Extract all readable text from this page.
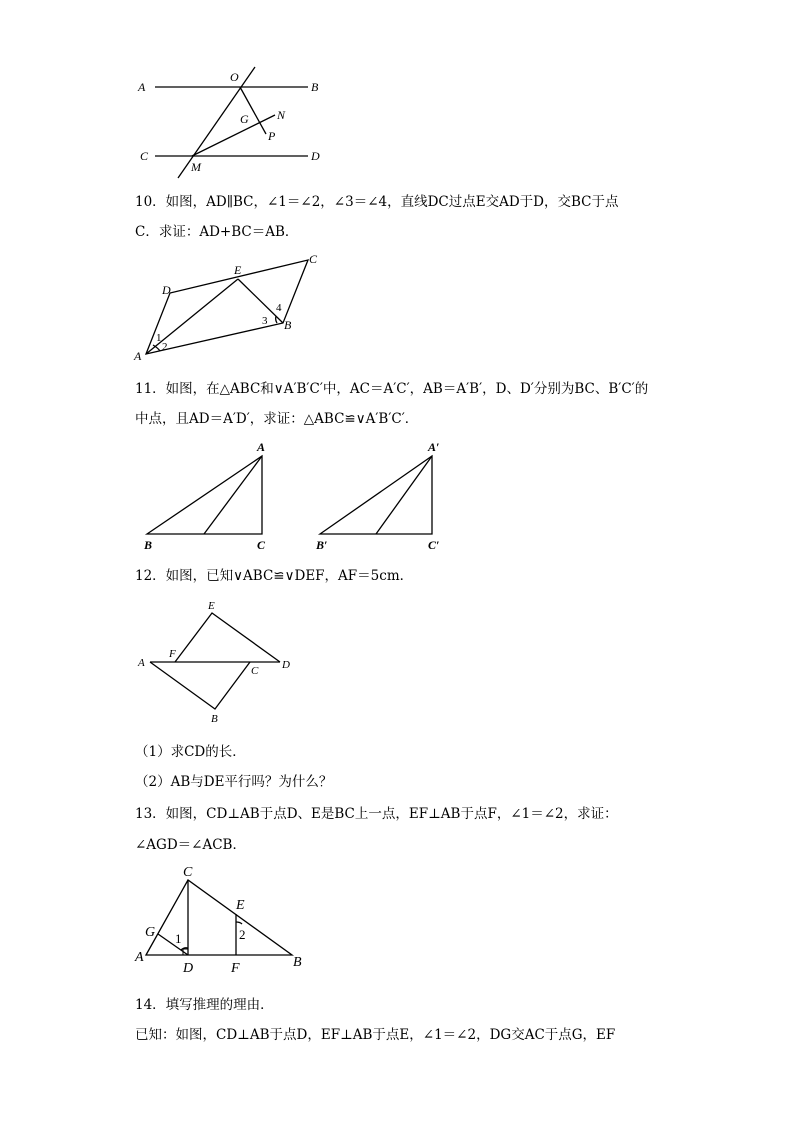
A	B
O
G N
P
C
M
D
10．如图，AD∥BC，∠1＝∠2，∠3＝∠4，直线DC过点E交AD于D，交BC于点
C．求证：AD+BC＝AB．
D
E
C
B
A
1
2
3
4
11．如图，在△ABC和∨A′B′C′中，AC＝A′C′，AB＝A′B′，D、D′分别为BC、B′C′的
中点，且AD＝A′D′，求证：△ABC≌∨A′B′C′．
A
B	C
A′
B′	C′
12．如图，已知∨ABC≌∨DEF，AF＝5cm．
E
F
A
C D
B
（1）求CD的长．
（2）AB与DE平行吗？为什么？
13．如图，CD⊥AB于点D、E是BC上一点，EF⊥AB于点F，∠1＝∠2，求证：
∠AGD＝∠ACB．
C
E
G 1	2
A
D	F	B
14．填写推理的理由．
已知：如图，CD⊥AB于点D，EF⊥AB于点E，∠1＝∠2，DG交AC于点G，EF
